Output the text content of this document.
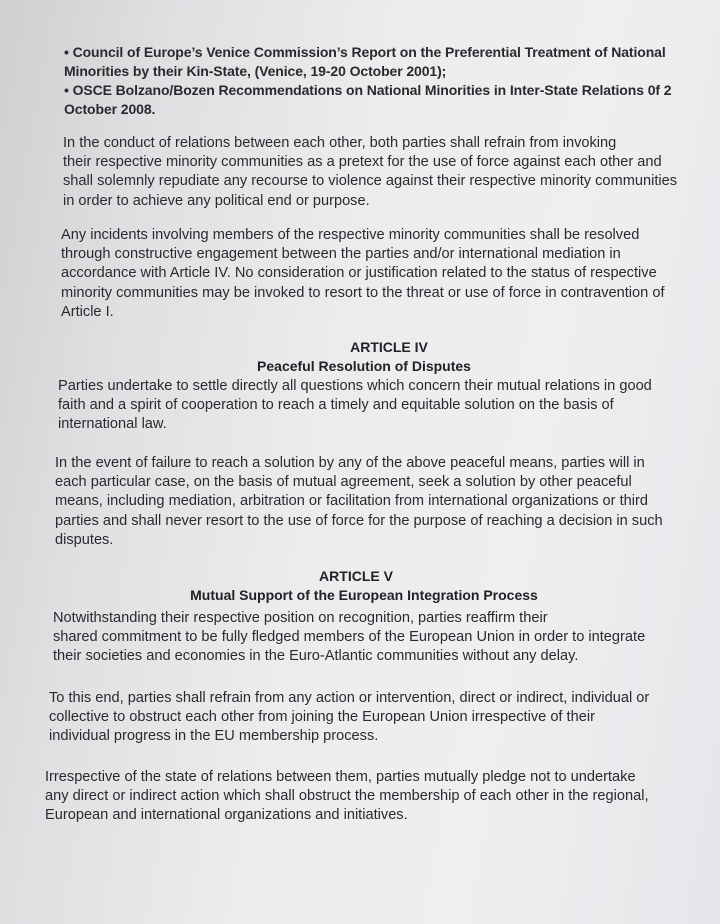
• Council of Europe’s Venice Commission’s Report on the Preferential Treatment of National
Minorities by their Kin-State, (Venice, 19-20 October 2001);
• OSCE Bolzano/Bozen Recommendations on National Minorities in Inter-State Relations 0f 2
October 2008.
In the conduct of relations between each other, both parties shall refrain from invoking
their respective minority communities as a pretext for the use of force against each other and
shall solemnly repudiate any recourse to violence against their respective minority communities
in order to achieve any political end or purpose.
Any incidents involving members of the respective minority communities shall be resolved
through constructive engagement between the parties and/or international mediation in
accordance with Article IV. No consideration or justification related to the status of respective
minority communities may be invoked to resort to the threat or use of force in contravention of
Article I.
ARTICLE IV
Peaceful Resolution of Disputes
Parties undertake to settle directly all questions which concern their mutual relations in good
faith and a spirit of cooperation to reach a timely and equitable solution on the basis of
international law.
In the event of failure to reach a solution by any of the above peaceful means, parties will in
each particular case, on the basis of mutual agreement, seek a solution by other peaceful
means, including mediation, arbitration or facilitation from international organizations or third
parties and shall never resort to the use of force for the purpose of reaching a decision in such
disputes.
ARTICLE V
Mutual Support of the European Integration Process
Notwithstanding their respective position on recognition, parties reaffirm their
shared commitment to be fully fledged members of the European Union in order to integrate
their societies and economies in the Euro-Atlantic communities without any delay.
To this end, parties shall refrain from any action or intervention, direct or indirect, individual or
collective to obstruct each other from joining the European Union irrespective of their
individual progress in the EU membership process.
Irrespective of the state of relations between them, parties mutually pledge not to undertake
any direct or indirect action which shall obstruct the membership of each other in the regional,
European and international organizations and initiatives.
